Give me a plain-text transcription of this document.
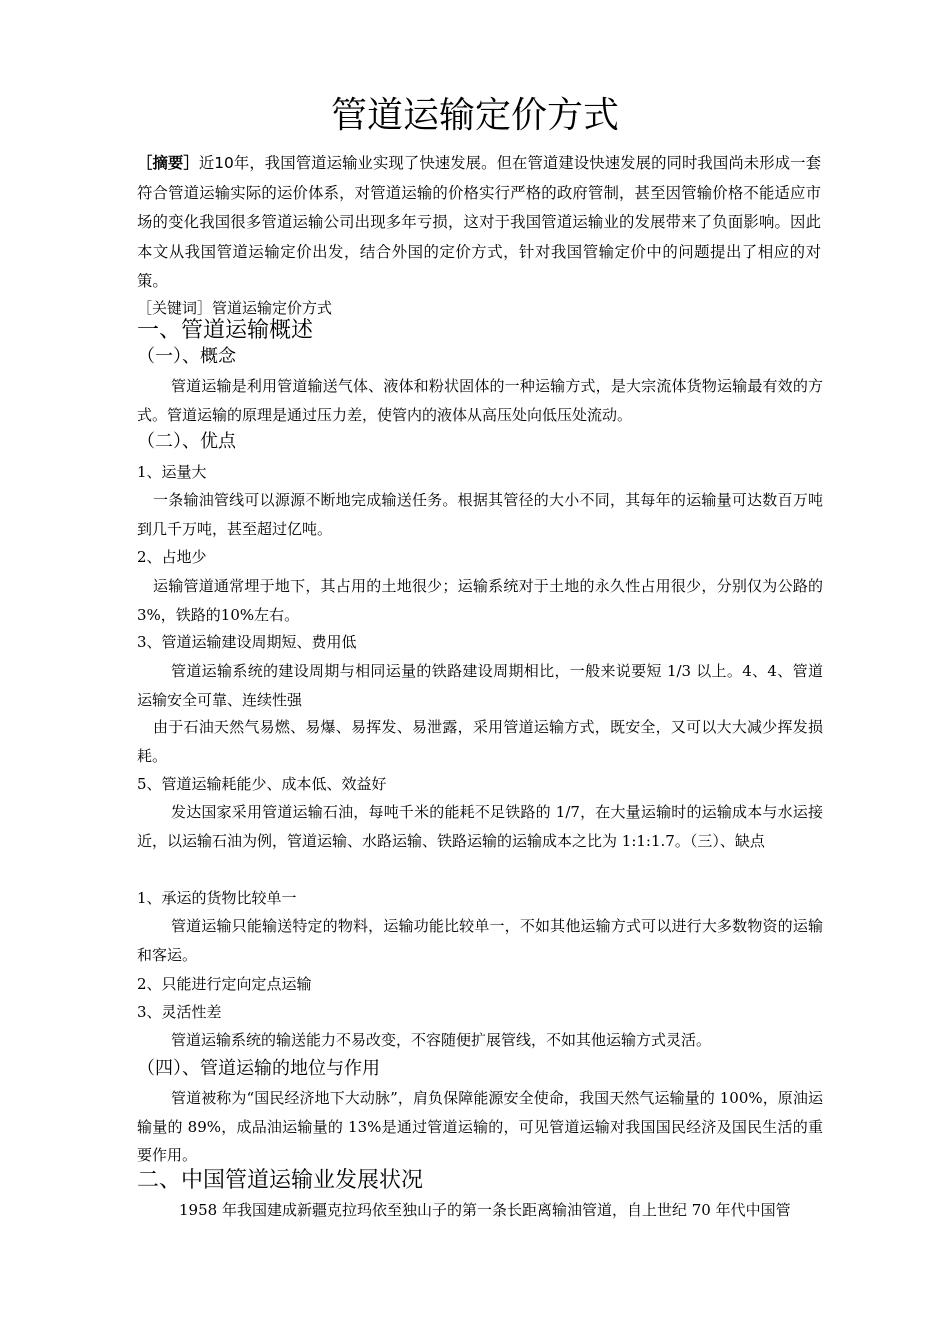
管道运输定价方式
［摘要］近10年，我国管道运输业实现了快速发展。但在管道建设快速发展的同时我国尚未形成一套符合管道运输实际的运价体系，对管道运输的价格实行严格的政府管制，甚至因管输价格不能适应市场的变化我国很多管道运输公司出现多年亏损，这对于我国管道运输业的发展带来了负面影响。因此本文从我国管道运输定价出发，结合外国的定价方式，针对我国管输定价中的问题提出了相应的对策。
［关键词］管道运输定价方式
一、管道运输概述
（一）、概念
管道运输是利用管道输送气体、液体和粉状固体的一种运输方式，是大宗流体货物运输最有效的方式。管道运输的原理是通过压力差，使管内的液体从高压处向低压处流动。
（二）、优点
1、运量大
一条输油管线可以源源不断地完成输送任务。根据其管径的大小不同，其每年的运输量可达数百万吨到几千万吨，甚至超过亿吨。
2、占地少
运输管道通常埋于地下，其占用的土地很少；运输系统对于土地的永久性占用很少，分别仅为公路的3%，铁路的10%左右。
3、管道运输建设周期短、费用低
管道运输系统的建设周期与相同运量的铁路建设周期相比，一般来说要短 1/3 以上。4、4、管道运输安全可靠、连续性强
由于石油天然气易燃、易爆、易挥发、易泄露，采用管道运输方式，既安全，又可以大大减少挥发损耗。
5、管道运输耗能少、成本低、效益好
发达国家采用管道运输石油，每吨千米的能耗不足铁路的 1/7，在大量运输时的运输成本与水运接近，以运输石油为例，管道运输、水路运输、铁路运输的运输成本之比为 1:1:1.7。（三）、缺点
1、承运的货物比较单一
管道运输只能输送特定的物料，运输功能比较单一，不如其他运输方式可以进行大多数物资的运输和客运。
2、只能进行定向定点运输
3、灵活性差
管道运输系统的输送能力不易改变，不容随便扩展管线，不如其他运输方式灵活。
（四）、管道运输的地位与作用
管道被称为“国民经济地下大动脉”，肩负保障能源安全使命，我国天然气运输量的 100%，原油运输量的 89%，成品油运输量的 13%是通过管道运输的，可见管道运输对我国国民经济及国民生活的重要作用。
二、中国管道运输业发展状况
1958 年我国建成新疆克拉玛依至独山子的第一条长距离输油管道，自上世纪 70 年代中国管
